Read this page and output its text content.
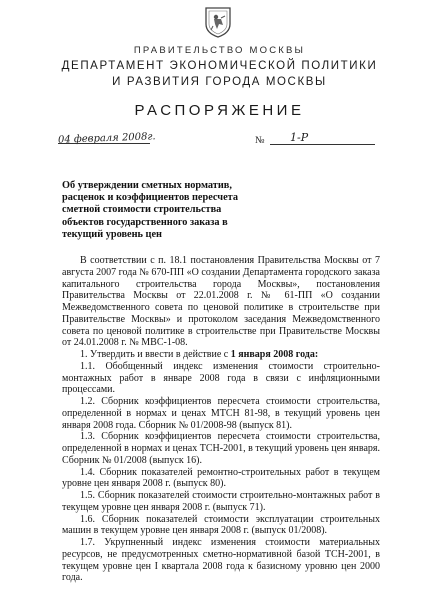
ПРАВИТЕЛЬСТВО МОСКВЫ
ДЕПАРТАМЕНТ ЭКОНОМИЧЕСКОЙ ПОЛИТИКИ
И РАЗВИТИЯ ГОРОДА МОСКВЫ
РАСПОРЯЖЕНИЕ
04 февраля 2008г.	№ 1-Р
Об утверждении сметных норматив,
расценок и коэффициентов пересчета
сметной стоимости строительства
объектов государственного заказа в
текущий уровень цен

В соответствии с п. 18.1 постановления Правительства Москвы от 7 августа 2007 года № 670-ПП «О создании Департамента городского заказа капитального строительства города Москвы», постановления Правительства Москвы от 22.01.2008 г. № 61-ПП «О создании Межведомственного совета по ценовой политике в строительстве при Правительстве Москвы» и протоколом заседания Межведомственного совета по ценовой политике в строительстве при Правительстве Москвы от 24.01.2008 г. № МВС-1-08.

1. Утвердить и ввести в действие с 1 января 2008 года:

1.1. Обобщенный индекс изменения стоимости строительно-монтажных работ в январе 2008 года в связи с инфляционными процессами.

1.2. Сборник коэффициентов пересчета стоимости строительства, определенной в нормах и ценах МТСН 81-98, в текущий уровень цен января 2008 года. Сборник № 01/2008-98 (выпуск 81).

1.3. Сборник коэффициентов пересчета стоимости строительства, определенной в нормах и ценах ТСН-2001, в текущий уровень цен января. Сборник № 01/2008 (выпуск 16).

1.4. Сборник показателей ремонтно-строительных работ в текущем уровне цен января 2008 г. (выпуск 80).

1.5. Сборник показателей стоимости строительно-монтажных работ в текущем уровне цен января 2008 г. (выпуск 71).

1.6. Сборник показателей стоимости эксплуатации строительных машин в текущем уровне цен января 2008 г. (выпуск 01/2008).

1.7. Укрупненный индекс изменения стоимости материальных ресурсов, не предусмотренных сметно-нормативной базой ТСН-2001, в текущем уровне цен I квартала 2008 года к базисному уровню цен 2000 года.
